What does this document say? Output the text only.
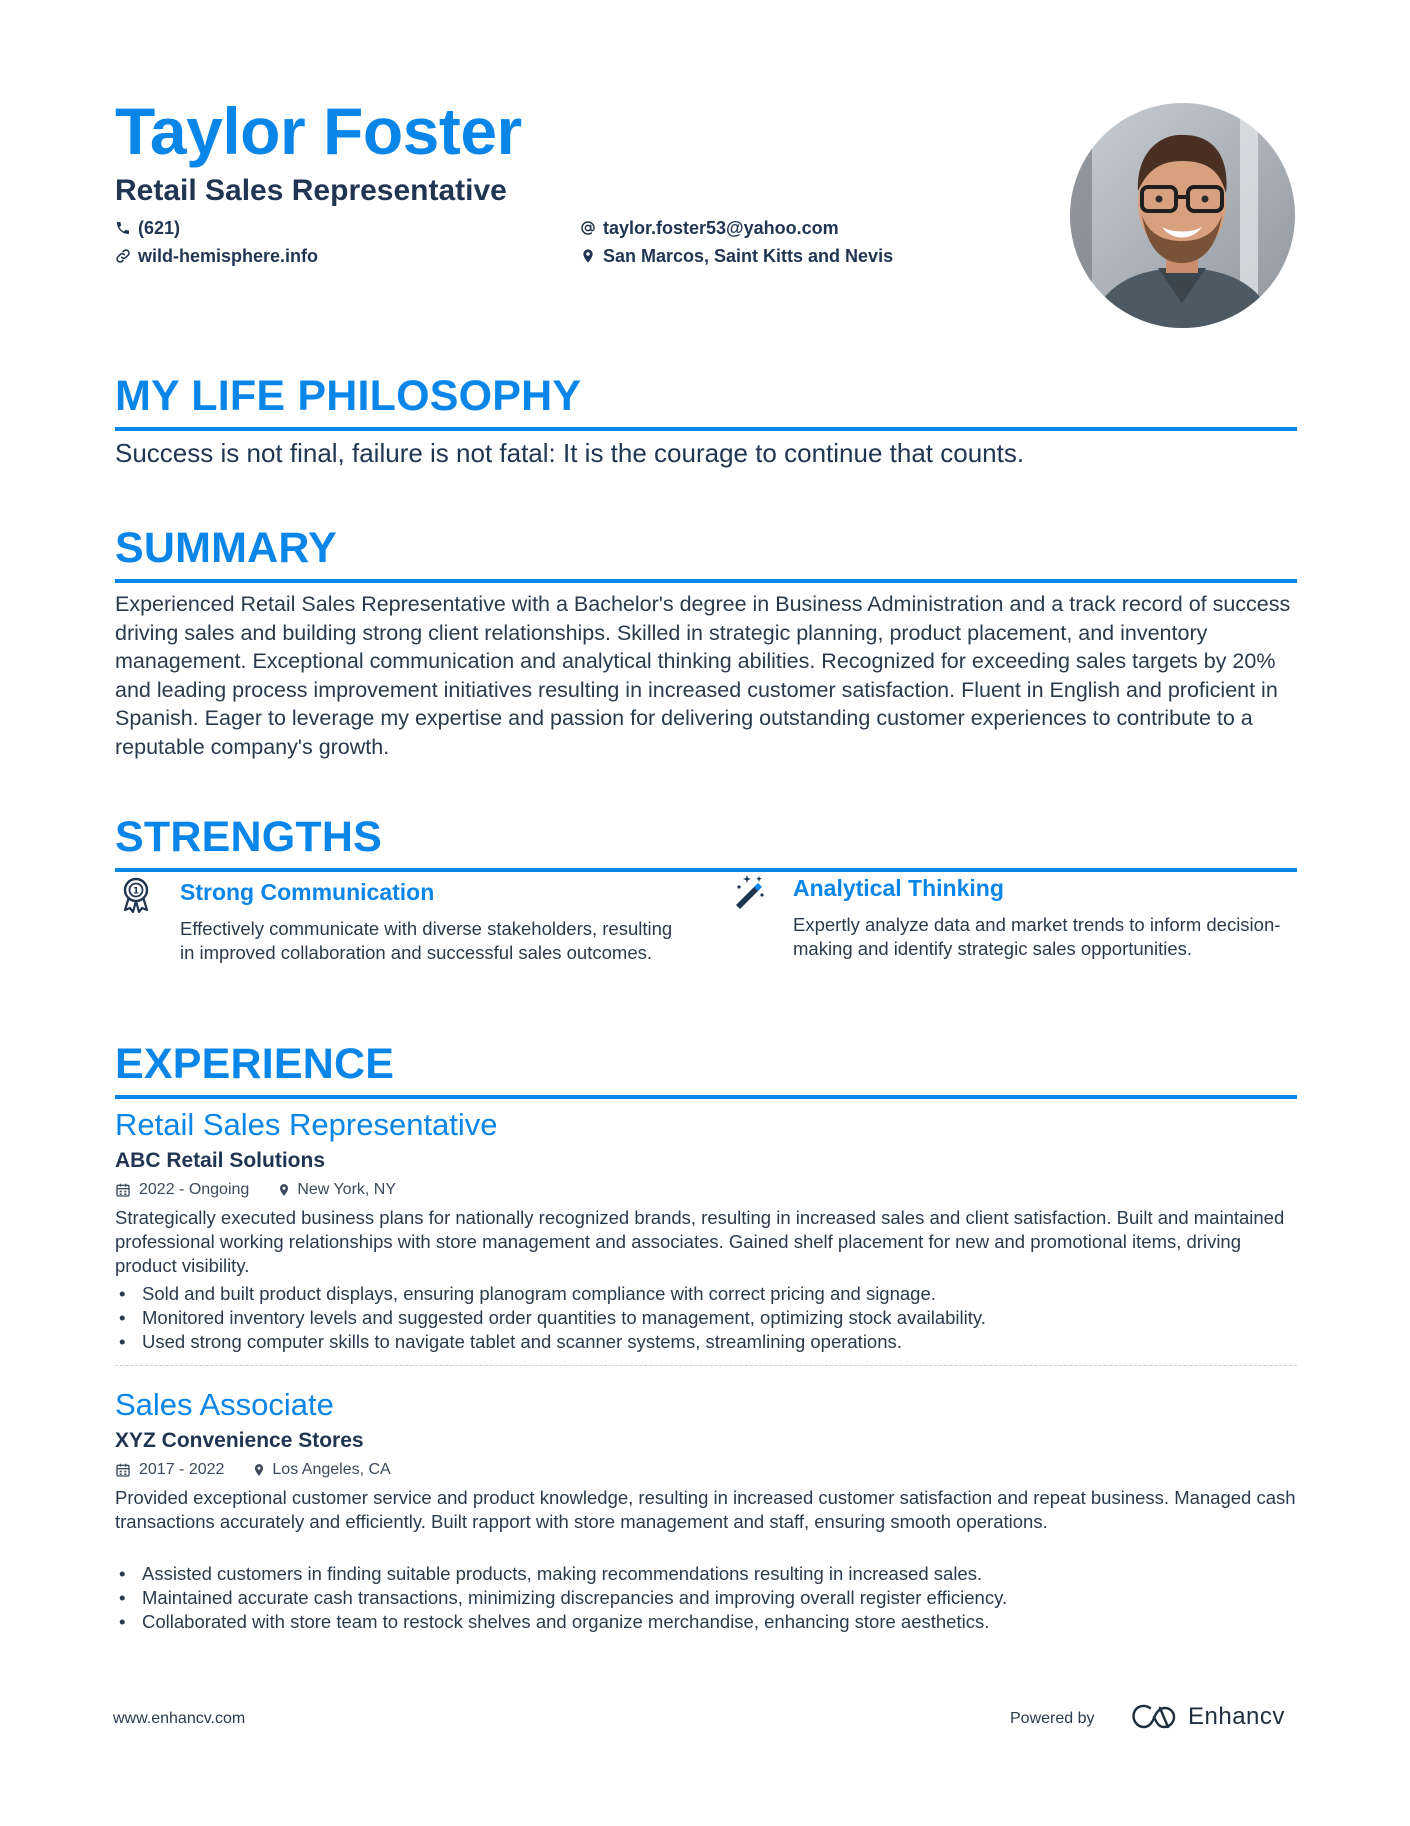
Taylor Foster
Retail Sales Representative
(621)	taylor.foster53@yahoo.com
wild-hemisphere.info	San Marcos, Saint Kitts and Nevis
MY LIFE PHILOSOPHY

Success is not final, failure is not fatal: It is the courage to continue that counts.

SUMMARY

Experienced Retail Sales Representative with a Bachelor's degree in Business Administration and a track record of success driving sales and building strong client relationships. Skilled in strategic planning, product placement, and inventory management. Exceptional communication and analytical thinking abilities. Recognized for exceeding sales targets by 20% and leading process improvement initiatives resulting in increased customer satisfaction. Fluent in English and proficient in Spanish. Eager to leverage my expertise and passion for delivering outstanding customer experiences to contribute to a reputable company's growth.

STRENGTHS
1 Strong Communication

Effectively communicate with diverse stakeholders, resulting in improved collaboration and successful sales outcomes.

Analytical Thinking

Expertly analyze data and market trends to inform decision-making and identify strategic sales opportunities.

EXPERIENCE
Retail Sales Representative
ABC Retail Solutions
2022 - Ongoing	New York, NY

Strategically executed business plans for nationally recognized brands, resulting in increased sales and client satisfaction. Built and maintained professional working relationships with store management and associates. Gained shelf placement for new and promotional items, driving product visibility.

• Sold and built product displays, ensuring planogram compliance with correct pricing and signage.
• Monitored inventory levels and suggested order quantities to management, optimizing stock availability.
• Used strong computer skills to navigate tablet and scanner systems, streamlining operations.
Sales Associate
XYZ Convenience Stores
2017 - 2022	Los Angeles, CA

Provided exceptional customer service and product knowledge, resulting in increased customer satisfaction and repeat business. Managed cash transactions accurately and efficiently. Built rapport with store management and staff, ensuring smooth operations.

• Assisted customers in finding suitable products, making recommendations resulting in increased sales.
• Maintained accurate cash transactions, minimizing discrepancies and improving overall register efficiency.
• Collaborated with store team to restock shelves and organize merchandise, enhancing store aesthetics.
www.enhancv.com	Powered by	Enhancv
